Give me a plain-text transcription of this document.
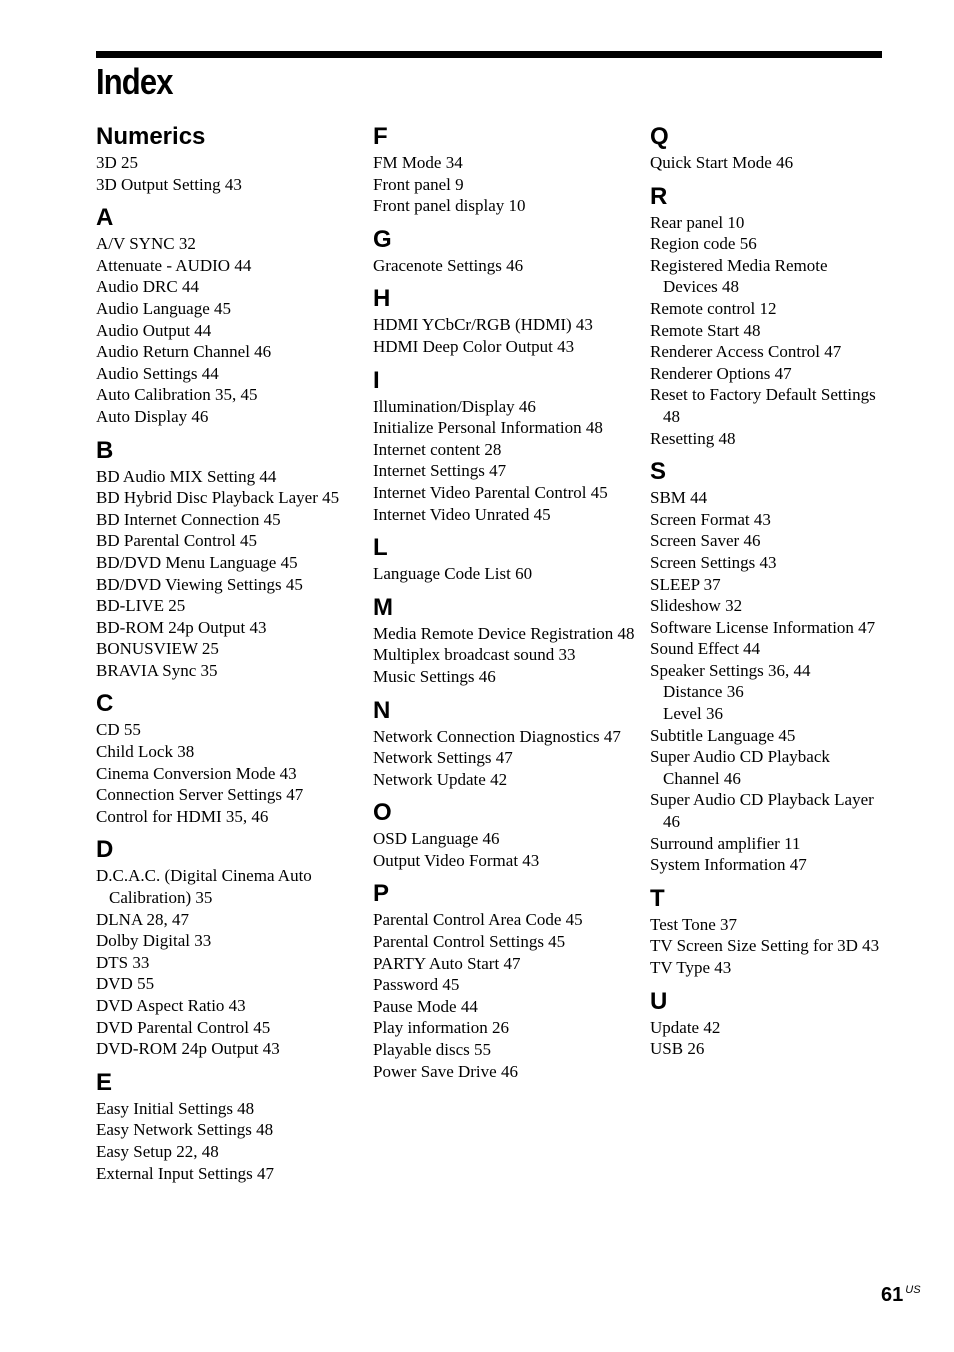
Index
Numerics
3D 25
3D Output Setting 43
A
A/V SYNC 32
Attenuate - AUDIO 44
Audio DRC 44
Audio Language 45
Audio Output 44
Audio Return Channel 46
Audio Settings 44
Auto Calibration 35, 45
Auto Display 46
B
BD Audio MIX Setting 44
BD Hybrid Disc Playback Layer 45
BD Internet Connection 45
BD Parental Control 45
BD/DVD Menu Language 45
BD/DVD Viewing Settings 45
BD-LIVE 25
BD-ROM 24p Output 43
BONUSVIEW 25
BRAVIA Sync 35
C
CD 55
Child Lock 38
Cinema Conversion Mode 43
Connection Server Settings 47
Control for HDMI 35, 46
D
D.C.A.C. (Digital Cinema Auto Calibration) 35
DLNA 28, 47
Dolby Digital 33
DTS 33
DVD 55
DVD Aspect Ratio 43
DVD Parental Control 45
DVD-ROM 24p Output 43
E
Easy Initial Settings 48
Easy Network Settings 48
Easy Setup 22, 48
External Input Settings 47
F
FM Mode 34
Front panel 9
Front panel display 10
G
Gracenote Settings 46
H
HDMI YCbCr/RGB (HDMI) 43
HDMI Deep Color Output 43
I
Illumination/Display 46
Initialize Personal Information 48
Internet content 28
Internet Settings 47
Internet Video Parental Control 45
Internet Video Unrated 45
L
Language Code List 60
M
Media Remote Device Registration 48
Multiplex broadcast sound 33
Music Settings 46
N
Network Connection Diagnostics 47
Network Settings 47
Network Update 42
O
OSD Language 46
Output Video Format 43
P
Parental Control Area Code 45
Parental Control Settings 45
PARTY Auto Start 47
Password 45
Pause Mode 44
Play information 26
Playable discs 55
Power Save Drive 46
Q
Quick Start Mode 46
R
Rear panel 10
Region code 56
Registered Media Remote Devices 48
Remote control 12
Remote Start 48
Renderer Access Control 47
Renderer Options 47
Reset to Factory Default Settings 48
Resetting 48
S
SBM 44
Screen Format 43
Screen Saver 46
Screen Settings 43
SLEEP 37
Slideshow 32
Software License Information 47
Sound Effect 44
Speaker Settings 36, 44
Distance 36
Level 36
Subtitle Language 45
Super Audio CD Playback Channel 46
Super Audio CD Playback Layer 46
Surround amplifier 11
System Information 47
T
Test Tone 37
TV Screen Size Setting for 3D 43
TV Type 43
U
Update 42
USB 26
61 $^{US}$
